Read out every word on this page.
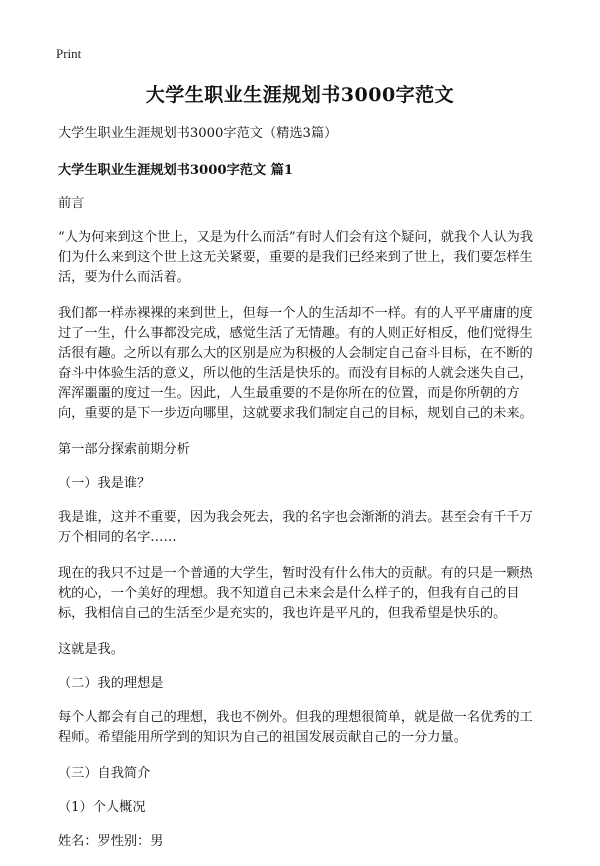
Print
大学生职业生涯规划书3000字范文

大学生职业生涯规划书3000字范文（精选3篇）

大学生职业生涯规划书3000字范文 篇1

前言

“人为何来到这个世上，又是为什么而活”有时人们会有这个疑问，就我个人认为我们为什么来到这个世上这无关紧要，重要的是我们已经来到了世上，我们要怎样生活，要为什么而活着。

我们都一样赤裸裸的来到世上，但每一个人的生活却不一样。有的人平平庸庸的度过了一生，什么事都没完成，感觉生活了无情趣。有的人则正好相反，他们觉得生活很有趣。之所以有那么大的区别是应为积极的人会制定自己奋斗目标，在不断的奋斗中体验生活的意义，所以他的生活是快乐的。而没有目标的人就会迷失自己，浑浑噩噩的度过一生。因此，人生最重要的不是你所在的位置，而是你所朝的方向，重要的是下一步迈向哪里，这就要求我们制定自己的目标，规划自己的未来。

第一部分探索前期分析

（一）我是谁？

我是谁，这并不重要，因为我会死去，我的名字也会渐渐的消去。甚至会有千千万万个相同的名字……

现在的我只不过是一个普通的大学生，暂时没有什么伟大的贡献。有的只是一颗热枕的心，一个美好的理想。我不知道自己未来会是什么样子的，但我有自己的目标，我相信自己的生活至少是充实的，我也许是平凡的，但我希望是快乐的。

这就是我。

（二）我的理想是

每个人都会有自己的理想，我也不例外。但我的理想很简单，就是做一名优秀的工程师。希望能用所学到的知识为自己的祖国发展贡献自己的一分力量。

（三）自我简介

（1）个人概况

姓名：罗性别：男
